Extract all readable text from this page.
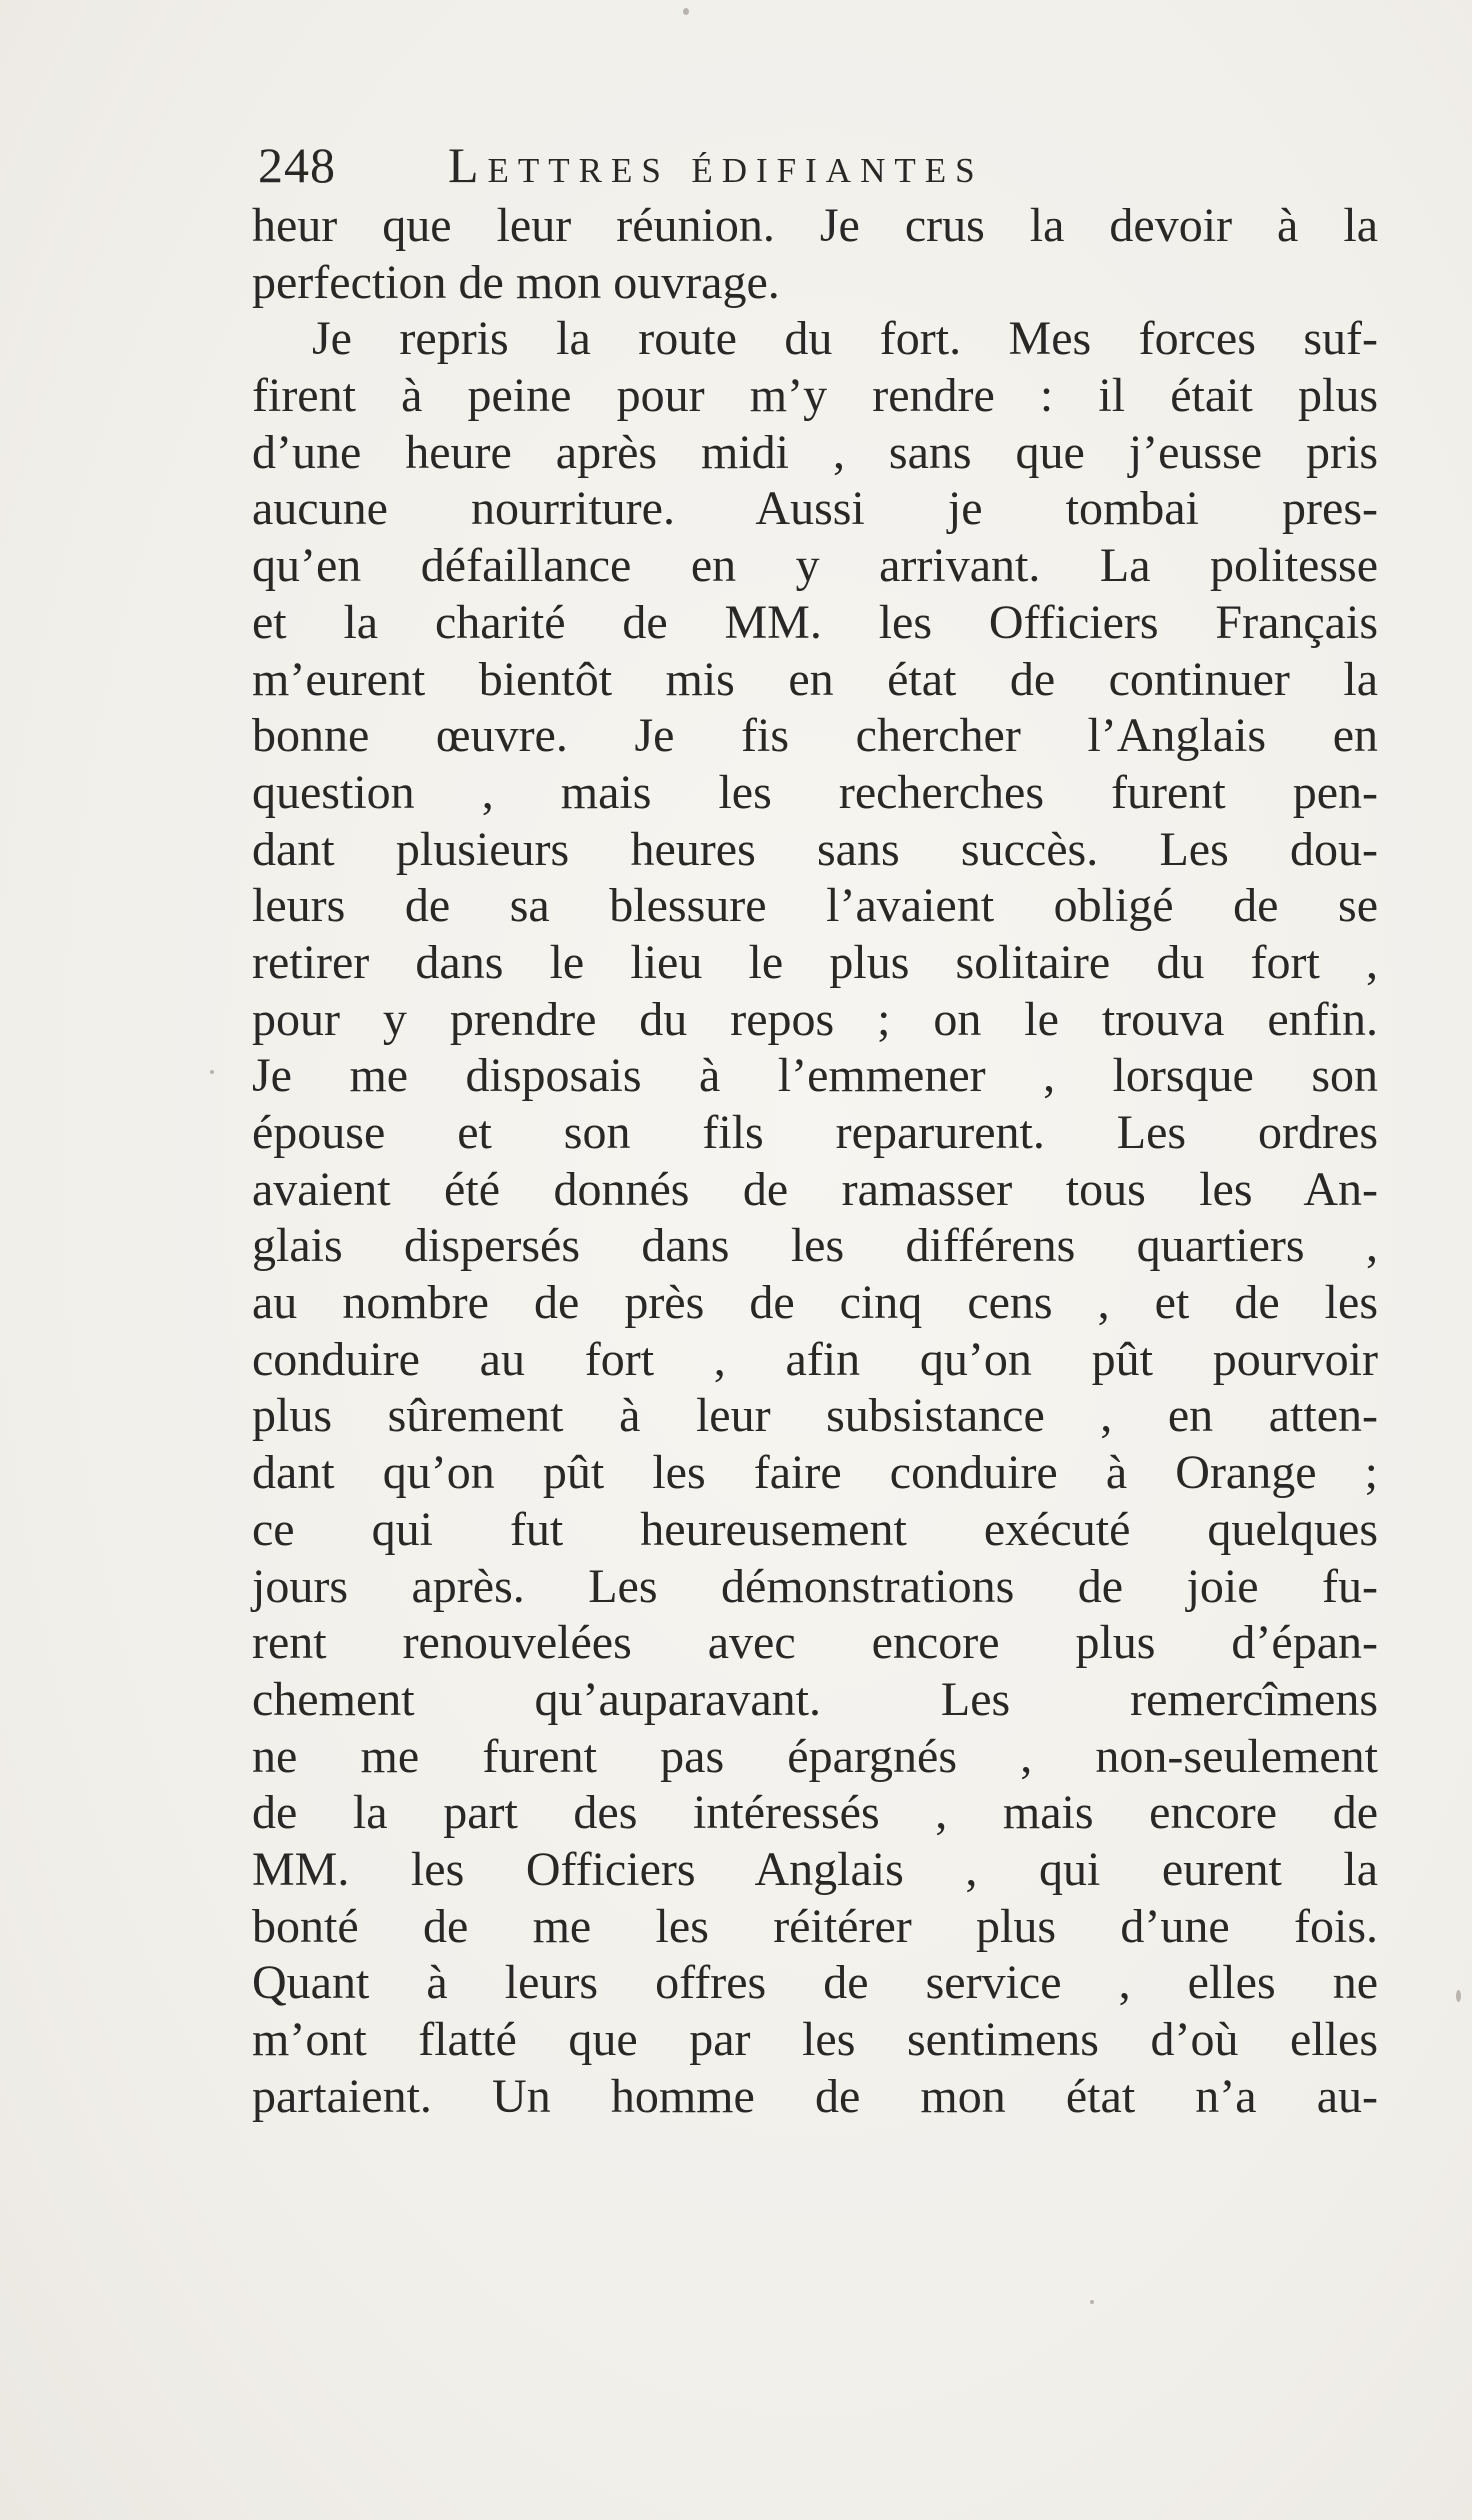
248 Lettres édifiantes
heur que leur réunion. Je crus la devoir à la
perfection de mon ouvrage.
Je repris la route du fort. Mes forces suf-
firent à peine pour m’y rendre : il était plus
d’une heure après midi , sans que j’eusse pris
aucune nourriture. Aussi je tombai pres-
qu’en défaillance en y arrivant. La politesse
et la charité de MM. les Officiers Français
m’eurent bientôt mis en état de continuer la
bonne œuvre. Je fis chercher l’Anglais en
question , mais les recherches furent pen-
dant plusieurs heures sans succès. Les dou-
leurs de sa blessure l’avaient obligé de se
retirer dans le lieu le plus solitaire du fort ,
pour y prendre du repos ; on le trouva enfin.
Je me disposais à l’emmener , lorsque son
épouse et son fils reparurent. Les ordres
avaient été donnés de ramasser tous les An-
glais dispersés dans les différens quartiers ,
au nombre de près de cinq cens , et de les
conduire au fort , afin qu’on pût pourvoir
plus sûrement à leur subsistance , en atten-
dant qu’on pût les faire conduire à Orange ;
ce qui fut heureusement exécuté quelques
jours après. Les démonstrations de joie fu-
rent renouvelées avec encore plus d’épan-
chement qu’auparavant. Les remercîmens
ne me furent pas épargnés , non-seulement
de la part des intéressés , mais encore de
MM. les Officiers Anglais , qui eurent la
bonté de me les réitérer plus d’une fois.
Quant à leurs offres de service , elles ne
m’ont flatté que par les sentimens d’où elles
partaient. Un homme de mon état n’a au-
